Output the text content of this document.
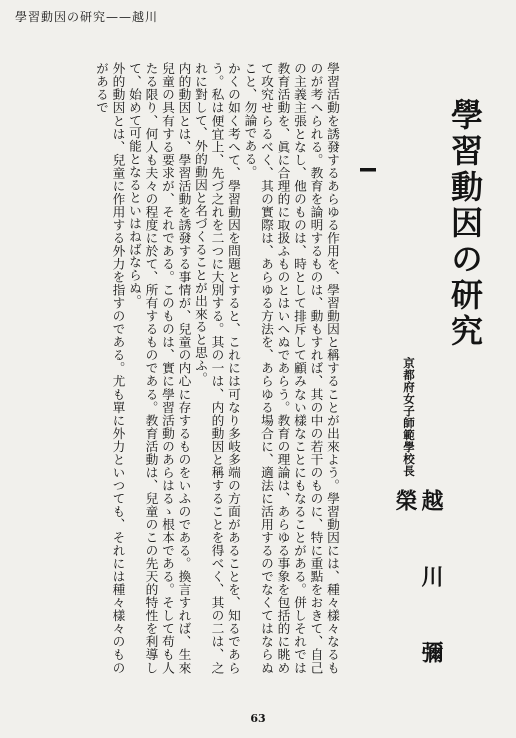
學習動因の研究——越川
學習動因の研究
京都府女子師範學校長
越 川 彌 榮

學習活動を誘發するあらゆる作用を、學習動因と稱することが出來よう。學習動因には、種々樣々なるものが考へられる。教育を論明するものは、動もすれば、其の中の若干のものに、特に重點をおきて、自己の主義主張となし、他のものは、時として排斥して顧みない樣なことにもなることがある。併しそれでは教育活動を、眞に合理的に取扱ふものとはいへぬであらう。教育の理論は、あらゆる事象を包括的に眺めて攻究せらるべく、其の實際は、あらゆる方法を、あらゆる場合に、適法に活用するのでなくてはならぬこと、勿論である。

かくの如く考へて、學習動因を問題とすると、これには可なり多岐多端の方面があることを、知るであらう。私は便宜上、先づ之れを二つに大別する。其の一は、内的動因と稱することを得べく、其の二は、之れに對して、外的動因と名づくることが出來ると思ふ。

内的動因とは、學習活動を誘發する事情が、兒童の内心に存するものをいふのである。換言すれば、生來兒童の具有する要求が、それである。このものは、實に學習活動のあらはるゝ根本である。そして苟も人たる限り、何人も夫々の程度に於て、所有するものである。教育活動は、兒童のこの先天的特性を利導して、始めて可能となるといはねばならぬ。

外的動因とは、兒童に作用する外力を指すのである。尤も單に外力といつても、それには種々樣々のものがあるで

63
